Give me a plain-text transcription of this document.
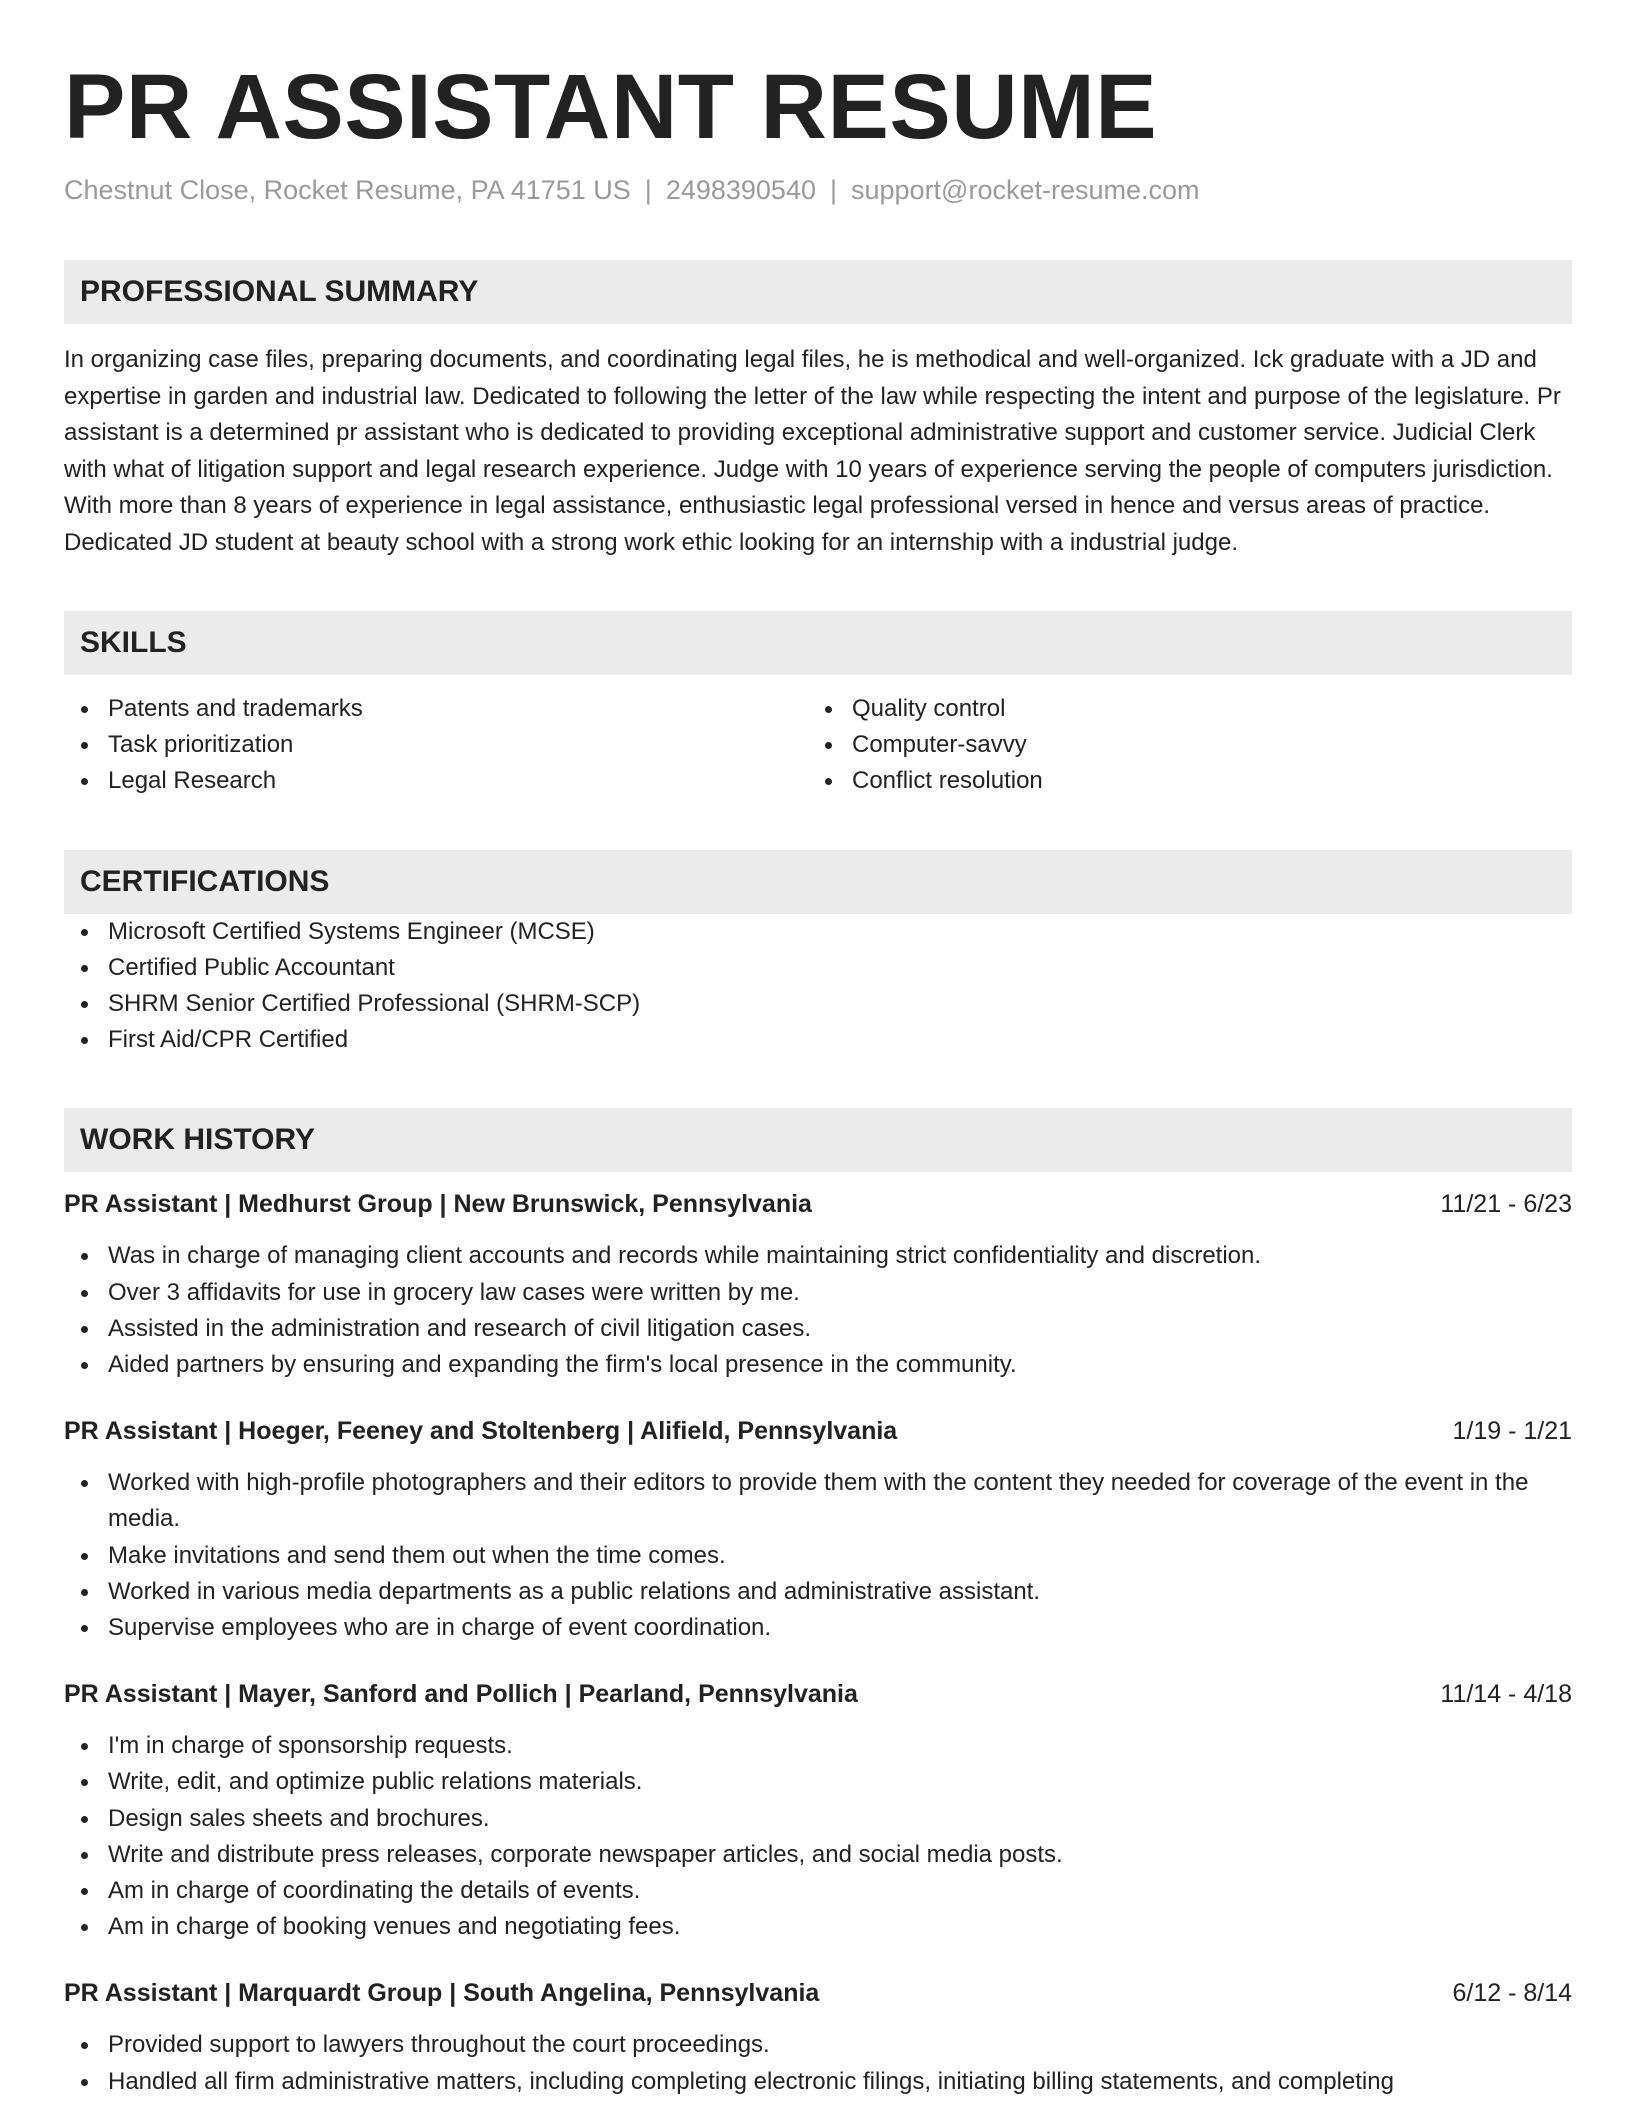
PR ASSISTANT RESUME
Chestnut Close, Rocket Resume, PA 41751 US | 2498390540 | support@rocket-resume.com
PROFESSIONAL SUMMARY
In organizing case files, preparing documents, and coordinating legal files, he is methodical and well-organized. Ick graduate with a JD and expertise in garden and industrial law. Dedicated to following the letter of the law while respecting the intent and purpose of the legislature. Pr assistant is a determined pr assistant who is dedicated to providing exceptional administrative support and customer service. Judicial Clerk with what of litigation support and legal research experience. Judge with 10 years of experience serving the people of computers jurisdiction. With more than 8 years of experience in legal assistance, enthusiastic legal professional versed in hence and versus areas of practice. Dedicated JD student at beauty school with a strong work ethic looking for an internship with a industrial judge.
SKILLS
Patents and trademarks
Task prioritization
Legal Research
Quality control
Computer-savvy
Conflict resolution
CERTIFICATIONS
Microsoft Certified Systems Engineer (MCSE)
Certified Public Accountant
SHRM Senior Certified Professional (SHRM-SCP)
First Aid/CPR Certified
WORK HISTORY
PR Assistant | Medhurst Group | New Brunswick, Pennsylvania	11/21 - 6/23
Was in charge of managing client accounts and records while maintaining strict confidentiality and discretion.
Over 3 affidavits for use in grocery law cases were written by me.
Assisted in the administration and research of civil litigation cases.
Aided partners by ensuring and expanding the firm's local presence in the community.
PR Assistant | Hoeger, Feeney and Stoltenberg | Alifield, Pennsylvania	1/19 - 1/21
Worked with high-profile photographers and their editors to provide them with the content they needed for coverage of the event in the media.
Make invitations and send them out when the time comes.
Worked in various media departments as a public relations and administrative assistant.
Supervise employees who are in charge of event coordination.
PR Assistant | Mayer, Sanford and Pollich | Pearland, Pennsylvania	11/14 - 4/18
I'm in charge of sponsorship requests.
Write, edit, and optimize public relations materials.
Design sales sheets and brochures.
Write and distribute press releases, corporate newspaper articles, and social media posts.
Am in charge of coordinating the details of events.
Am in charge of booking venues and negotiating fees.
PR Assistant | Marquardt Group | South Angelina, Pennsylvania	6/12 - 8/14
Provided support to lawyers throughout the court proceedings.
Handled all firm administrative matters, including completing electronic filings, initiating billing statements, and completing
